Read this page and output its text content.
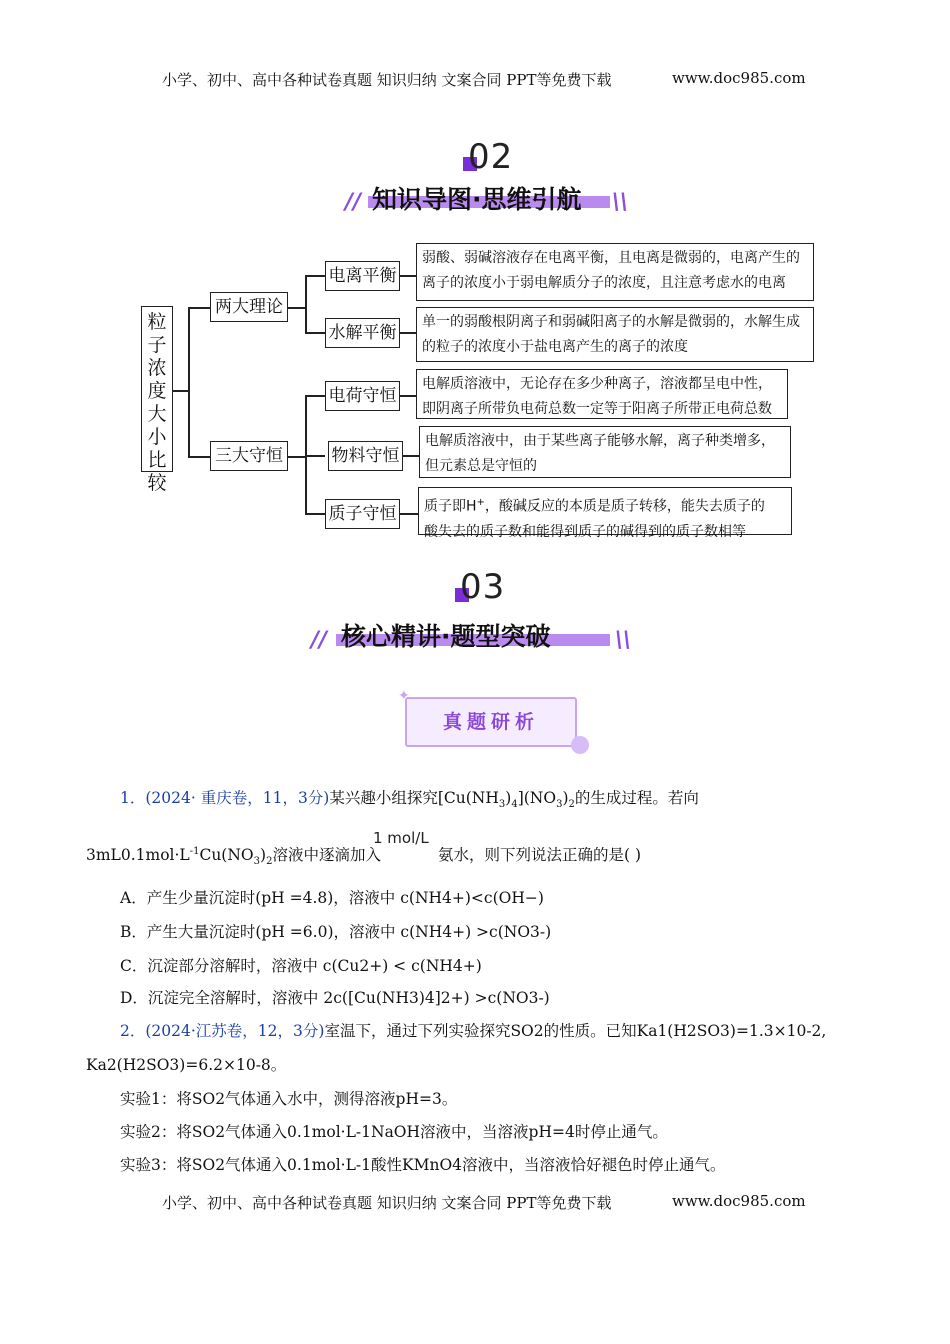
小学、初中、高中各种试卷真题 知识归纳 文案合同 PPT等免费下载	www.doc985.com
02
知识导图·思维引航
//	\\
粒子浓度大小比较
两大理论
三大守恒
电离平衡
水解平衡
弱酸、弱碱溶液存在电离平衡，且电离是微弱的，电离产生的
离子的浓度小于弱电解质分子的浓度，且注意考虑水的电离
单一的弱酸根阴离子和弱碱阳离子的水解是微弱的，水解生成
的粒子的浓度小于盐电离产生的离子的浓度
电荷守恒
物料守恒
质子守恒
电解质溶液中，无论存在多少种离子，溶液都呈电中性，
即阴离子所带负电荷总数一定等于阳离子所带正电荷总数
电解质溶液中，由于某些离子能够水解，离子种类增多，
但元素总是守恒的
质子即H+，酸碱反应的本质是质子转移，能失去质子的
酸失去的质子数和能得到质子的碱得到的质子数相等
03
核心精讲·题型突破
//	\\
真题研析
✦
1．(2024· 重庆卷，11，3分)某兴趣小组探究$[Cu(NH_3)_4](NO_3)_2$的生成过程。若向
$3mL0.1mol\cdot L^{-1}Cu(NO_3)_2$溶液中逐滴加入
1 mol/L
氨水，则下列说法正确的是( )
A．产生少量沉淀时(pH =4.8)，溶液中 c(NH4+)<c(OH−)
B．产生大量沉淀时(pH =6.0)，溶液中 c(NH4+) >c(NO3-)
C．沉淀部分溶解时，溶液中 c(Cu2+) < c(NH4+)
D．沉淀完全溶解时，溶液中 2c([Cu(NH3)4]2+) >c(NO3-)
2．(2024·江苏卷，12，3分)室温下，通过下列实验探究SO2的性质。已知Ka1(H2SO3)=1.3×10-2,
Ka2(H2SO3)=6.2×10-8。
实验1：将SO2气体通入水中，测得溶液pH=3。
实验2：将SO2气体通入0.1mol·L-1NaOH溶液中，当溶液pH=4时停止通气。
实验3：将SO2气体通入0.1mol·L-1酸性KMnO4溶液中，当溶液恰好褪色时停止通气。
小学、初中、高中各种试卷真题 知识归纳 文案合同 PPT等免费下载	www.doc985.com
